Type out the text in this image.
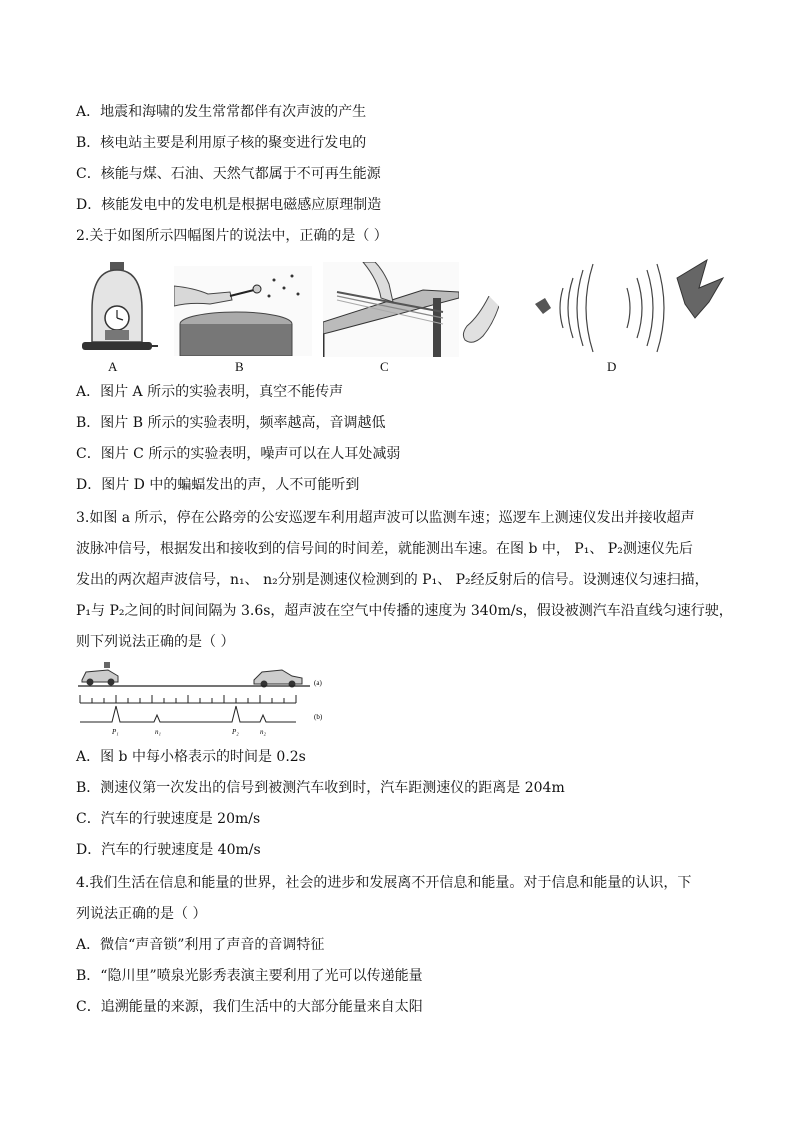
A．地震和海啸的发生常常都伴有次声波的产生
B．核电站主要是利用原子核的聚变进行发电的
C．核能与煤、石油、天然气都属于不可再生能源
D．核能发电中的发电机是根据电磁感应原理制造
2.关于如图所示四幅图片的说法中，正确的是（ ）
A	B	C	D
A．图片 A 所示的实验表明，真空不能传声
B．图片 B 所示的实验表明，频率越高，音调越低
C．图片 C 所示的实验表明，噪声可以在人耳处减弱
D．图片 D 中的蝙蝠发出的声，人不可能听到
3.如图 a 所示，停在公路旁的公安巡逻车利用超声波可以监测车速；巡逻车上测速仪发出并接收超声
波脉冲信号，根据发出和接收到的信号间的时间差，就能测出车速。在图 b 中， P₁、 P₂测速仪先后
发出的两次超声波信号，n₁、 n₂分别是测速仪检测到的 P₁、 P₂经反射后的信号。设测速仪匀速扫描，
P₁与 P₂之间的时间间隔为 3.6s，超声波在空气中传播的速度为 340m/s，假设被测汽车沿直线匀速行驶，
则下列说法正确的是（ ）
(a)
(b)
P₁	n₁	P₂	n₂
A．图 b 中每小格表示的时间是 0.2s
B．测速仪第一次发出的信号到被测汽车收到时，汽车距测速仪的距离是 204m
C．汽车的行驶速度是 20m/s
D．汽车的行驶速度是 40m/s
4.我们生活在信息和能量的世界，社会的进步和发展离不开信息和能量。对于信息和能量的认识，下
列说法正确的是（ ）
A．微信“声音锁”利用了声音的音调特征
B．“隐川里”喷泉光影秀表演主要利用了光可以传递能量
C．追溯能量的来源，我们生活中的大部分能量来自太阳
